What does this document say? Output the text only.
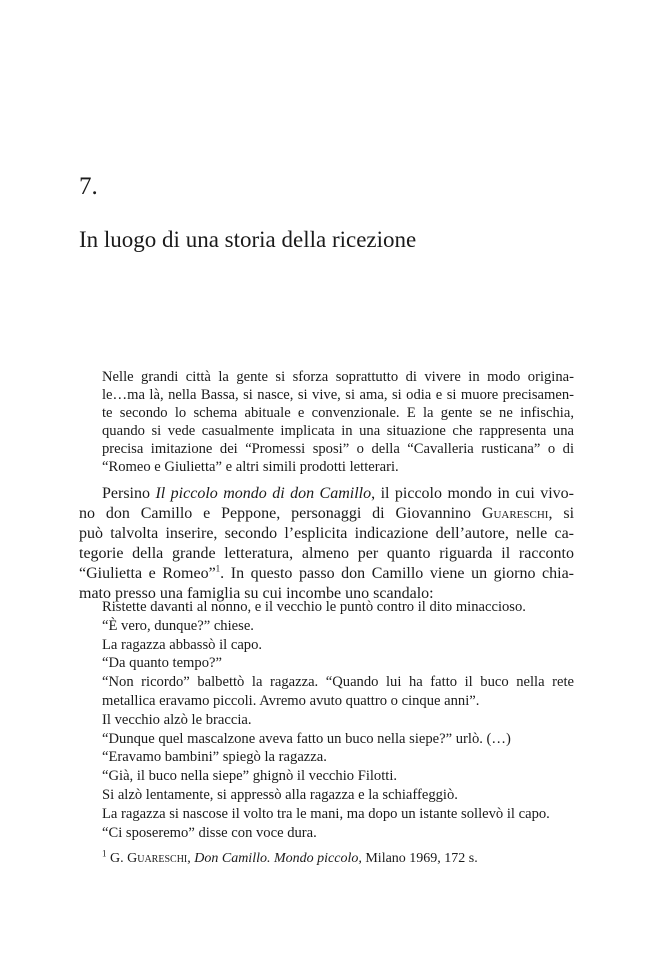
7.
In luogo di una storia della ricezione
Nelle grandi città la gente si sforza soprattutto di vivere in modo origina-
le…ma là, nella Bassa, si nasce, si vive, si ama, si odia e si muore precisamen-
te secondo lo schema abituale e convenzionale. E la gente se ne infischia,
quando si vede casualmente implicata in una situazione che rappresenta una
precisa imitazione dei “Promessi sposi” o della “Cavalleria rusticana” o di
“Romeo e Giulietta” e altri simili prodotti letterari.
Persino Il piccolo mondo di don Camillo, il piccolo mondo in cui vivo-
no don Camillo e Peppone, personaggi di Giovannino Guareschi, si
può talvolta inserire, secondo l’esplicita indicazione dell’autore, nelle ca-
tegorie della grande letteratura, almeno per quanto riguarda il racconto
“Giulietta e Romeo”$^1$. In questo passo don Camillo viene un giorno chia-
mato presso una famiglia su cui incombe uno scandalo:
Ristette davanti al nonno, e il vecchio le puntò contro il dito minaccioso.
“È vero, dunque?” chiese.
La ragazza abbassò il capo.
“Da quanto tempo?”
“Non ricordo” balbettò la ragazza. “Quando lui ha fatto il buco nella rete
metallica eravamo piccoli. Avremo avuto quattro o cinque anni”.
Il vecchio alzò le braccia.
“Dunque quel mascalzone aveva fatto un buco nella siepe?” urlò. (…)
“Eravamo bambini” spiegò la ragazza.
“Già, il buco nella siepe” ghignò il vecchio Filotti.
Si alzò lentamente, si appressò alla ragazza e la schiaffeggiò.
La ragazza si nascose il volto tra le mani, ma dopo un istante sollevò il capo.
“Ci sposeremo” disse con voce dura.

$^1$ G. Guareschi, Don Camillo. Mondo piccolo, Milano 1969, 172 s.
